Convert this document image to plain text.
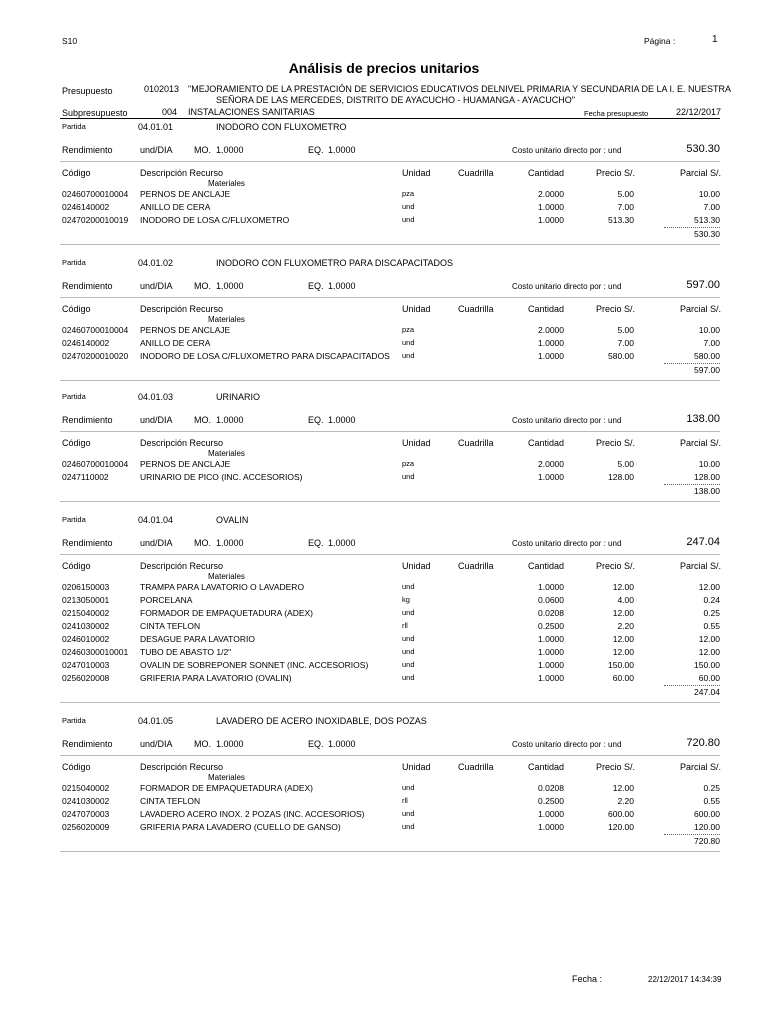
S10	Página :	1
Análisis de precios unitarios
Presupuesto	0102013 "MEJORAMIENTO DE LA PRESTACIÓN DE SERVICIOS EDUCATIVOS DELNIVEL PRIMARIA Y SECUNDARIA DE LA I. E. NUESTRA
SEÑORA DE LAS MERCEDES, DISTRITO DE AYACUCHO - HUAMANGA - AYACUCHO"
Subpresupuesto	004 INSTALACIONES SANITARIAS	Fecha presupuesto	22/12/2017
Partida	04.01.01	INODORO CON FLUXOMETRO
Rendimiento	und/DIA MO. 1.0000	EQ. 1.0000	Costo unitario directo por : und	530.30
Código	Descripción Recurso	Unidad	Cuadrilla	Cantidad	Precio S/.	Parcial S/.
Materiales
02460700010004 PERNOS DE ANCLAJE	pza	2.0000	5.00	10.00
0246140002	ANILLO DE CERA	und	1.0000	7.00	7.00
02470200010019 INODORO DE LOSA C/FLUXOMETRO	und	1.0000	513.30	513.30
530.30
Partida	04.01.02	INODORO CON FLUXOMETRO PARA DISCAPACITADOS
Rendimiento	und/DIA MO. 1.0000	EQ. 1.0000	Costo unitario directo por : und	597.00
Código	Descripción Recurso	Unidad	Cuadrilla	Cantidad	Precio S/.	Parcial S/.
Materiales
02460700010004 PERNOS DE ANCLAJE	pza	2.0000	5.00	10.00
0246140002	ANILLO DE CERA	und	1.0000	7.00	7.00
02470200010020 INODORO DE LOSA C/FLUXOMETRO PARA DISCAPACITADOS und	1.0000	580.00	580.00
597.00
Partida	04.01.03	URINARIO
Rendimiento	und/DIA MO. 1.0000	EQ. 1.0000	Costo unitario directo por : und	138.00
Código	Descripción Recurso	Unidad	Cuadrilla	Cantidad	Precio S/.	Parcial S/.
Materiales
02460700010004 PERNOS DE ANCLAJE	pza	2.0000	5.00	10.00
0247110002	URINARIO DE PICO (INC. ACCESORIOS)	und	1.0000	128.00	128.00
138.00
Partida	04.01.04	OVALIN
Rendimiento	und/DIA MO. 1.0000	EQ. 1.0000	Costo unitario directo por : und	247.04
Código	Descripción Recurso	Unidad	Cuadrilla	Cantidad	Precio S/.	Parcial S/.
Materiales
0206150003	TRAMPA PARA LAVATORIO O LAVADERO	und	1.0000	12.00	12.00
0213050001	PORCELANA	kg	0.0600	4.00	0.24
0215040002	FORMADOR DE EMPAQUETADURA (ADEX)	und	0.0208	12.00	0.25
0241030002	CINTA TEFLON	rll	0.2500	2.20	0.55
0246010002	DESAGUE PARA LAVATORIO	und	1.0000	12.00	12.00
02460300010001 TUBO DE ABASTO 1/2"	und	1.0000	12.00	12.00
0247010003	OVALIN DE SOBREPONER SONNET (INC. ACCESORIOS)	und	1.0000	150.00	150.00
0256020008	GRIFERIA PARA LAVATORIO (OVALIN)	und	1.0000	60.00	60.00
247.04
Partida	04.01.05	LAVADERO DE ACERO INOXIDABLE, DOS POZAS
Rendimiento	und/DIA MO. 1.0000	EQ. 1.0000	Costo unitario directo por : und	720.80
Código	Descripción Recurso	Unidad	Cuadrilla	Cantidad	Precio S/.	Parcial S/.
Materiales
0215040002	FORMADOR DE EMPAQUETADURA (ADEX)	und	0.0208	12.00	0.25
0241030002	CINTA TEFLON	rll	0.2500	2.20	0.55
0247070003	LAVADERO ACERO INOX. 2 POZAS (INC. ACCESORIOS)	und	1.0000	600.00	600.00
0256020009	GRIFERIA PARA LAVADERO (CUELLO DE GANSO)	und	1.0000	120.00	120.00
720.80
Fecha :	22/12/2017 14:34:39
